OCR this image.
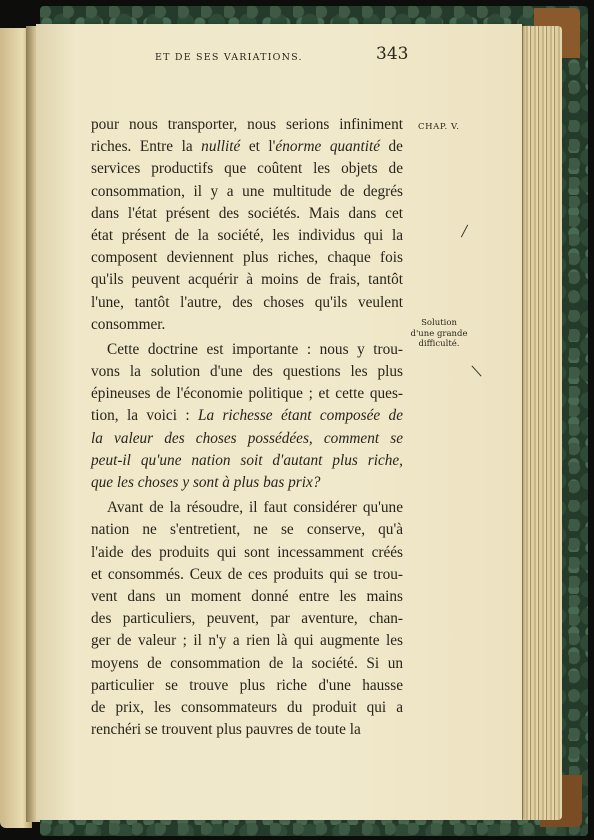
ET DE SES VARIATIONS.	343
CHAP. V.
Solution
d'une grande
difficulté.
pour nous transporter, nous serions infiniment
riches. Entre la nullité et l'énorme quantité de
services productifs que coûtent les objets de
consommation, il y a une multitude de degrés
dans l'état présent des sociétés. Mais dans cet
état présent de la société, les individus qui la
composent deviennent plus riches, chaque fois
qu'ils peuvent acquérir à moins de frais, tantôt
l'une, tantôt l'autre, des choses qu'ils veulent
consommer.
Cette doctrine est importante : nous y trou-
vons la solution d'une des questions les plus
épineuses de l'économie politique ; et cette ques-
tion, la voici : La richesse étant composée de
la valeur des choses possédées, comment se
peut-il qu'une nation soit d'autant plus riche,
que les choses y sont à plus bas prix?
Avant de la résoudre, il faut considérer qu'une
nation ne s'entretient, ne se conserve, qu'à
l'aide des produits qui sont incessamment créés
et consommés. Ceux de ces produits qui se trou-
vent dans un moment donné entre les mains
des particuliers, peuvent, par aventure, chan-
ger de valeur ; il n'y a rien là qui augmente les
moyens de consommation de la société. Si un
particulier se trouve plus riche d'une hausse
de prix, les consommateurs du produit qui a
renchéri se trouvent plus pauvres de toute la
